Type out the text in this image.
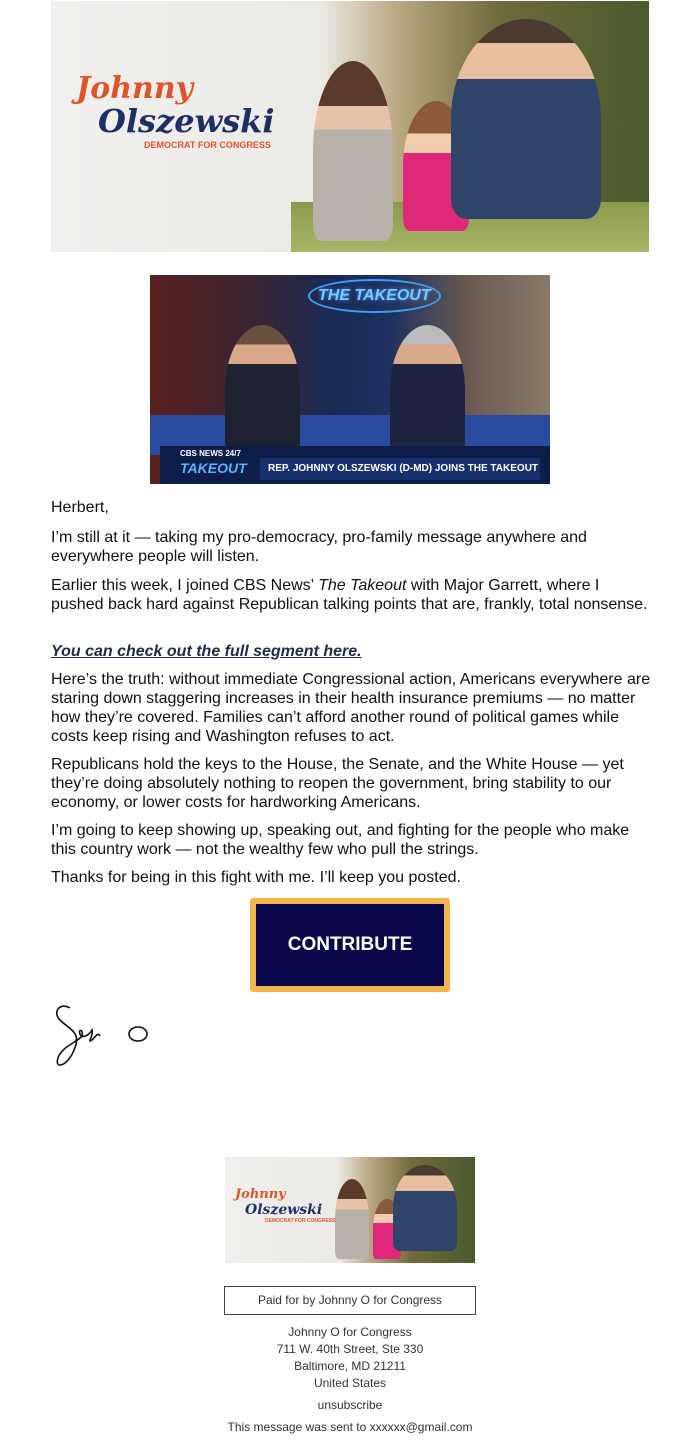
Johnny
Olszewski
DEMOCRAT FOR CONGRESS
THE TAKEOUT
CBS NEWS 24/7
TAKEOUT	REP. JOHNNY OLSZEWSKI (D-MD) JOINS THE TAKEOUT
Herbert,
I’m still at it — taking my pro-democracy, pro-family message anywhere and everywhere people will listen.
Earlier this week, I joined CBS News’ The Takeout with Major Garrett, where I pushed back hard against Republican talking points that are, frankly, total nonsense.
You can check out the full segment here.
Here’s the truth: without immediate Congressional action, Americans everywhere are staring down staggering increases in their health insurance premiums — no matter how they’re covered. Families can’t afford another round of political games while costs keep rising and Washington refuses to act.
Republicans hold the keys to the House, the Senate, and the White House — yet they’re doing absolutely nothing to reopen the government, bring stability to our economy, or lower costs for hardworking Americans.
I’m going to keep showing up, speaking out, and fighting for the people who make this country work — not the wealthy few who pull the strings.
Thanks for being in this fight with me. I’ll keep you posted.
CONTRIBUTE
Johnny
Olszewski
DEMOCRAT FOR CONGRESS
Paid for by Johnny O for Congress
Johnny O for Congress
711 W. 40th Street, Ste 330
Baltimore, MD 21211
United States
unsubscribe
This message was sent to xxxxxx@gmail.com
